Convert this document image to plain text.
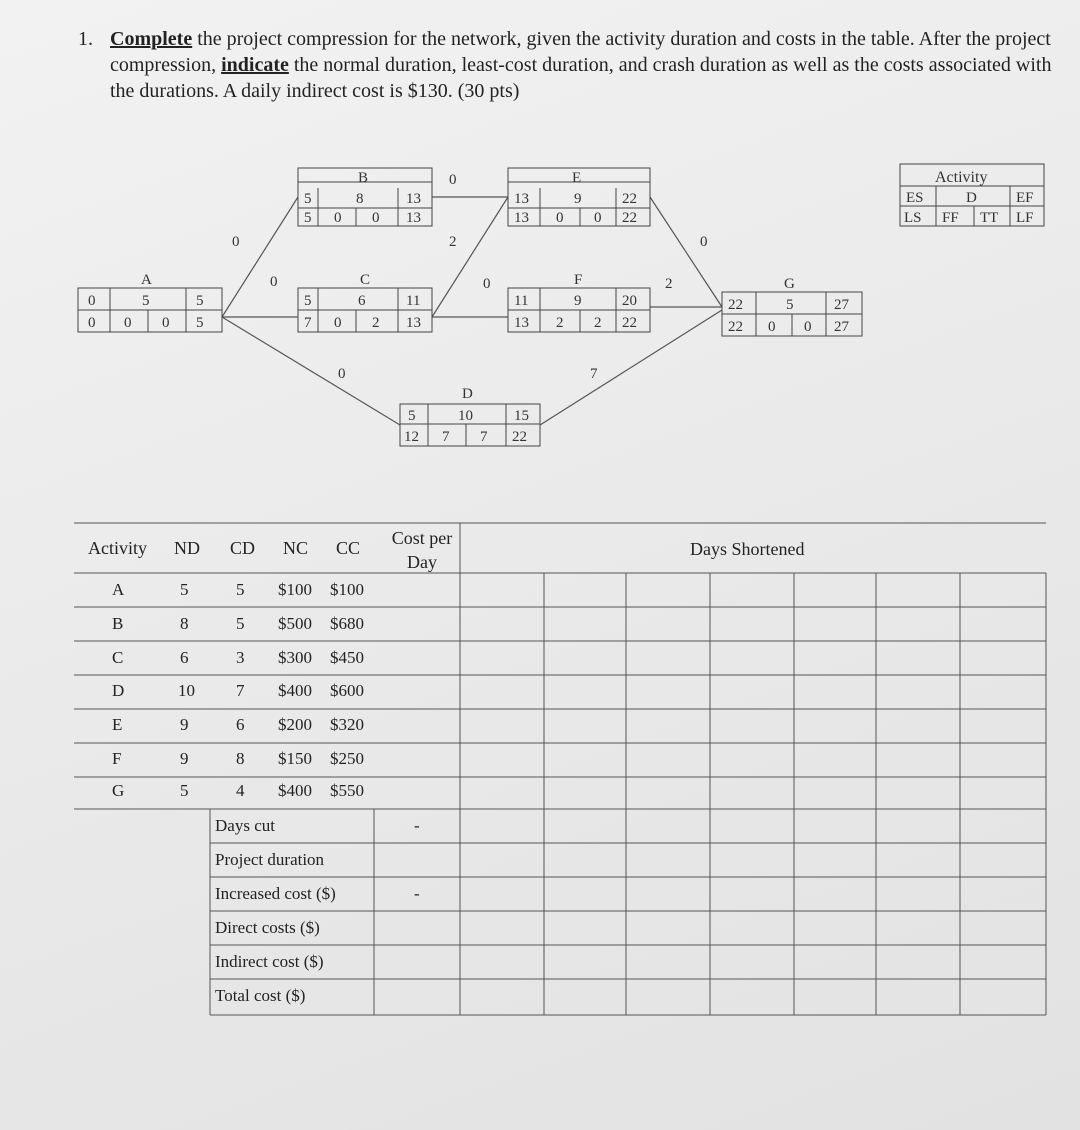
1. Complete the project compression for the network, given the activity duration and costs in the table. After the project compression, indicate the normal duration, least-cost duration, and crash duration as well as the costs associated with the durations. A daily indirect cost is $130. (30 pts)
0
0
0
0
2
0
0
2
7
A
0	5	5
0 0 0 5
B
5	8	13
5 0 0 13
C
5	6	11
7 0 2 13
D
5	10	15
12 7 7 22
E
13	9	22
13 0 0 22
F
11	9	20
13 2 2 22
G
22	5	27
22 0 0 27
Activity
ES	D	EF
LS FF TT LF
Activity ND CD NC CC	Cost per Day
Days Shortened
A	5	5 $100 $100
B	8	5 $500 $680
C	6	3 $300 $450
D	10 7 $400 $600
E	9	6 $200 $320
F	9	8 $150 $250
G	5	4 $400 $550
Days cut	-
Project duration
Increased cost ($)	-
Direct costs ($)
Indirect cost ($)
Total cost ($)
